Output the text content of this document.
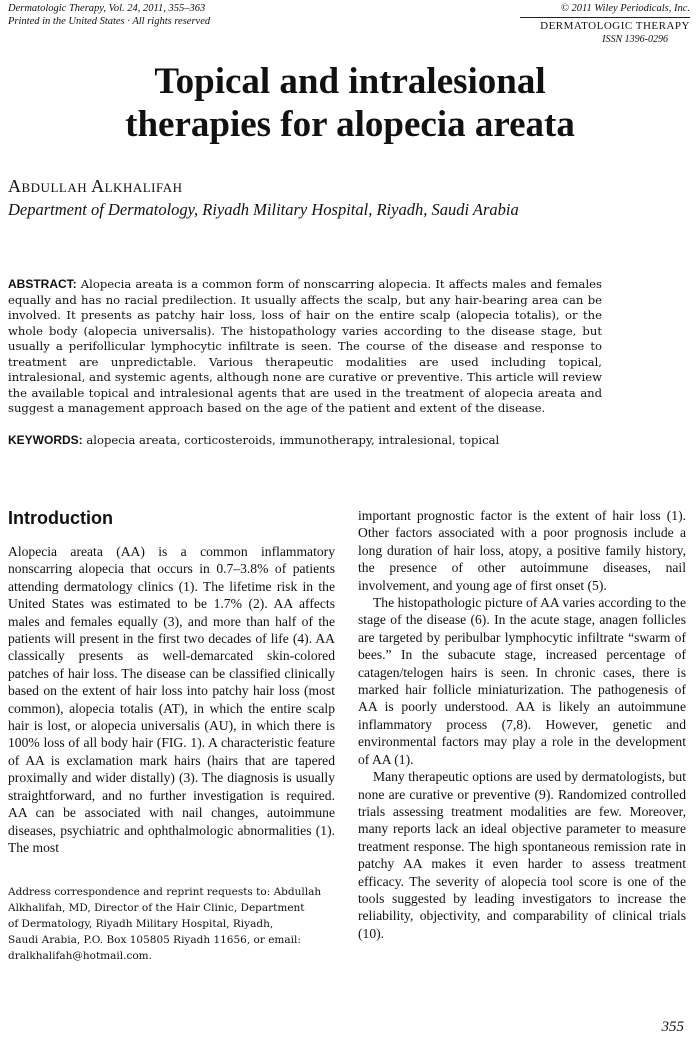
Dermatologic Therapy, Vol. 24, 2011, 355–363
Printed in the United States · All rights reserved
© 2011 Wiley Periodicals, Inc.
DERMATOLOGIC THERAPY
ISSN 1396-0296
Topical and intralesional
therapies for alopecia areata
Abdullah Alkhalifah
Department of Dermatology, Riyadh Military Hospital, Riyadh, Saudi Arabia
ABSTRACT: Alopecia areata is a common form of nonscarring alopecia. It affects males and females equally and has no racial predilection. It usually affects the scalp, but any hair-bearing area can be involved. It presents as patchy hair loss, loss of hair on the entire scalp (alopecia totalis), or the whole body (alopecia universalis). The histopathology varies according to the disease stage, but usually a perifollicular lymphocytic infiltrate is seen. The course of the disease and response to treatment are unpredictable. Various therapeutic modalities are used including topical, intralesional, and systemic agents, although none are curative or preventive. This article will review the available topical and intralesional agents that are used in the treatment of alopecia areata and suggest a management approach based on the age of the patient and extent of the disease.
KEYWORDS: alopecia areata, corticosteroids, immunotherapy, intralesional, topical
Introduction

Alopecia areata (AA) is a common inflammatory nonscarring alopecia that occurs in 0.7–3.8% of patients attending dermatology clinics (1). The lifetime risk in the United States was estimated to be 1.7% (2). AA affects males and females equally (3), and more than half of the patients will present in the first two decades of life (4). AA classically presents as well-demarcated skin-colored patches of hair loss. The disease can be classified clinically based on the extent of hair loss into patchy hair loss (most common), alopecia totalis (AT), in which the entire scalp hair is lost, or alopecia universalis (AU), in which there is 100% loss of all body hair (FIG. 1). A characteristic feature of AA is exclamation mark hairs (hairs that are tapered proximally and wider distally) (3). The diagnosis is usually straightforward, and no further investigation is required. AA can be associated with nail changes, autoimmune diseases, psychiatric and ophthalmologic abnormalities (1). The most

Address correspondence and reprint requests to: Abdullah
Alkhalifah, MD, Director of the Hair Clinic, Department
of Dermatology, Riyadh Military Hospital, Riyadh,
Saudi Arabia, P.O. Box 105805 Riyadh 11656, or email:
dralkhalifah@hotmail.com.

important prognostic factor is the extent of hair loss (1). Other factors associated with a poor prognosis include a long duration of hair loss, atopy, a positive family history, the presence of other autoimmune diseases, nail involvement, and young age of first onset (5).

The histopathologic picture of AA varies according to the stage of the disease (6). In the acute stage, anagen follicles are targeted by peribulbar lymphocytic infiltrate “swarm of bees.” In the subacute stage, increased percentage of catagen/telogen hairs is seen. In chronic cases, there is marked hair follicle miniaturization. The pathogenesis of AA is poorly understood. AA is likely an autoimmune inflammatory process (7,8). However, genetic and environmental factors may play a role in the development of AA (1).

Many therapeutic options are used by dermatologists, but none are curative or preventive (9). Randomized controlled trials assessing treatment modalities are few. Moreover, many reports lack an ideal objective parameter to measure treatment response. The high spontaneous remission rate in patchy AA makes it even harder to assess treatment efficacy. The severity of alopecia tool score is one of the tools suggested by leading investigators to increase the reliability, objectivity, and comparability of clinical trials (10).

355
